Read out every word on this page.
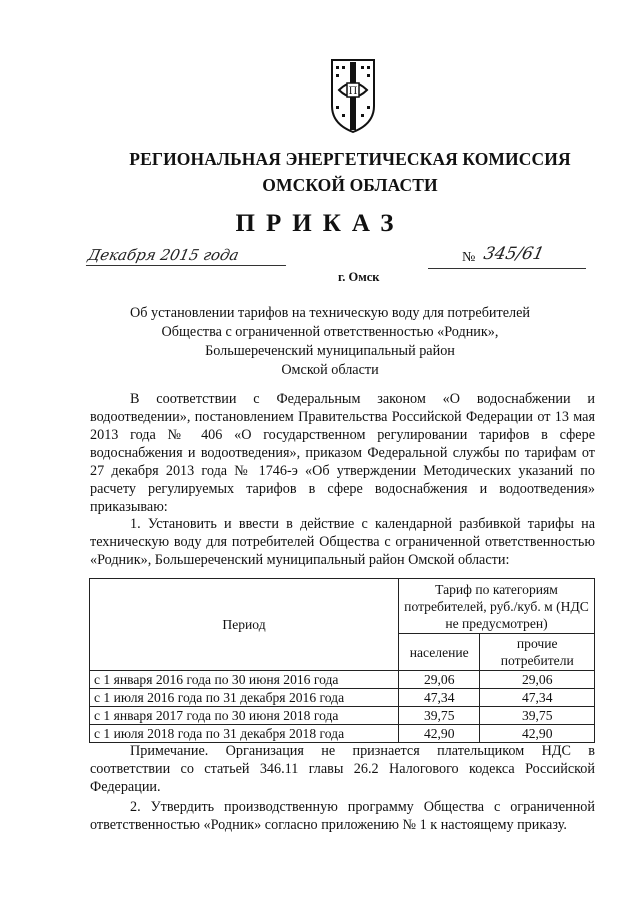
П
РЕГИОНАЛЬНАЯ ЭНЕРГЕТИЧЕСКАЯ КОМИССИЯ
ОМСКОЙ ОБЛАСТИ
ПРИКАЗ
Декабря 2015 года	№ 345/61
г. Омск
Об установлении тарифов на техническую воду для потребителей
Общества с ограниченной ответственностью «Родник»,
Большереченский муниципальный район
Омской области
В соответствии с Федеральным законом «О водоснабжении и водоотведении», постановлением Правительства Российской Федерации от 13 мая 2013 года № 406 «О государственном регулировании тарифов в сфере водоснабжения и водоотведения», приказом Федеральной службы по тарифам от 27 декабря 2013 года № 1746-э «Об утверждении Методических указаний по расчету регулируемых тарифов в сфере водоснабжения и водоотведения» приказываю:
1. Установить и ввести в действие с календарной разбивкой тарифы на техническую воду для потребителей Общества с ограниченной ответственностью «Родник», Большереченский муниципальный район Омской области:
Период	Тариф по категориям потребителей, руб./куб. м (НДС не предусмотрен)	
	население	прочие потребители
с 1 января 2016 года по 30 июня 2016 года	29,06	29,06
с 1 июля 2016 года по 31 декабря 2016 года	47,34	47,34
с 1 января 2017 года по 30 июня 2018 года	39,75	39,75
с 1 июля 2018 года по 31 декабря 2018 года	42,90	42,90
Примечание. Организация не признается плательщиком НДС в соответствии со статьей 346.11 главы 26.2 Налогового кодекса Российской Федерации.
2. Утвердить производственную программу Общества с ограниченной ответственностью «Родник» согласно приложению № 1 к настоящему приказу.
